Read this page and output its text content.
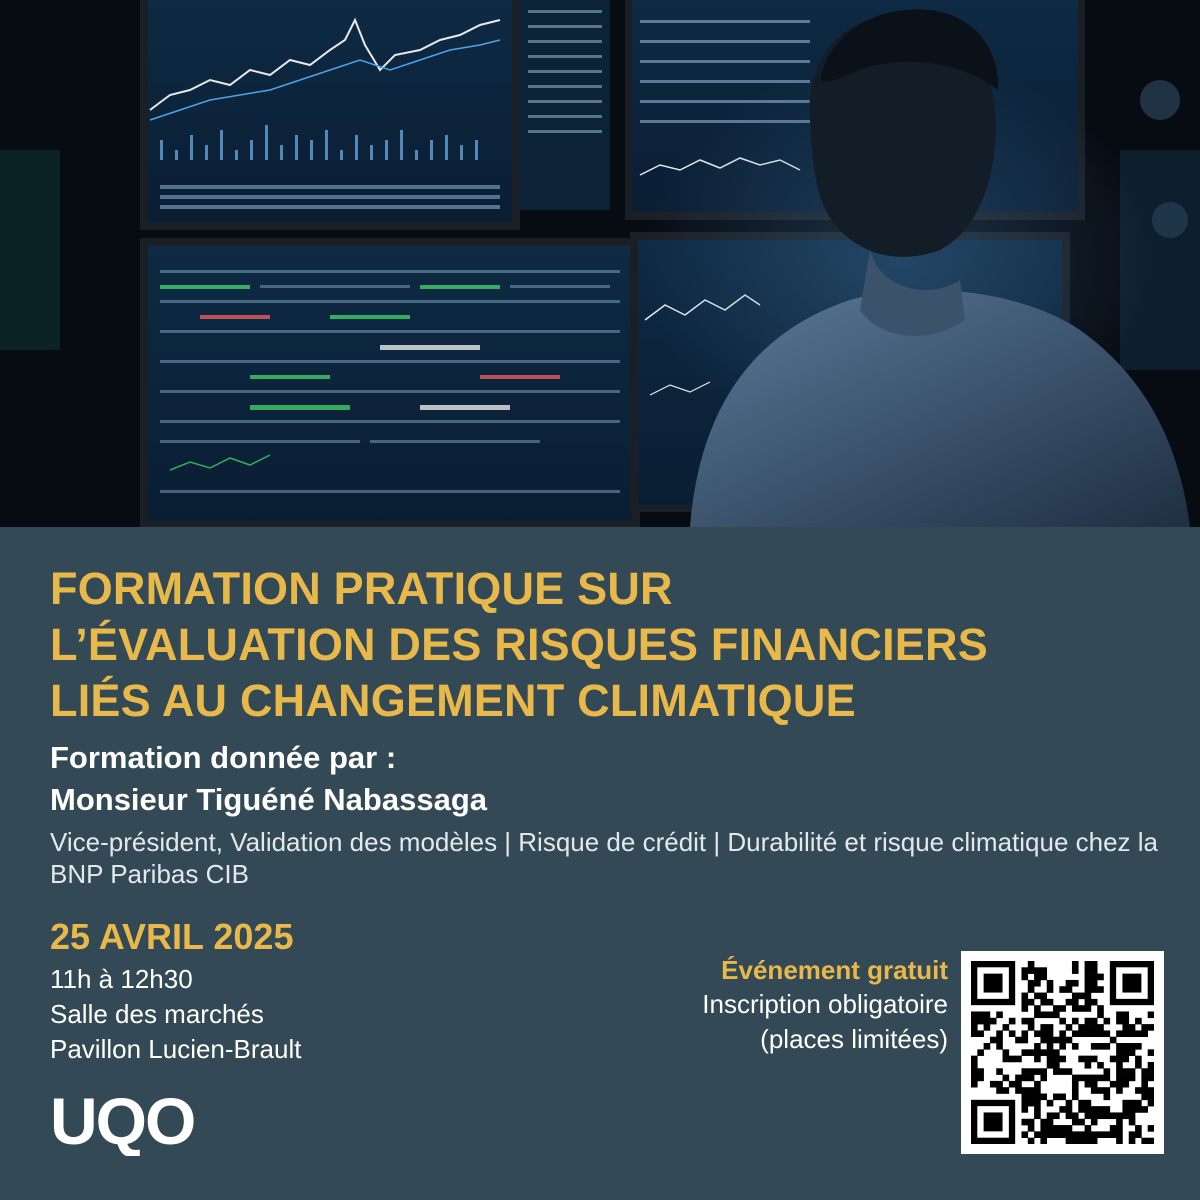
FORMATION PRATIQUE SUR
L’ÉVALUATION DES RISQUES FINANCIERS
LIÉS AU CHANGEMENT CLIMATIQUE
Formation donnée par :
Monsieur Tiguéné Nabassaga
Vice-président, Validation des modèles | Risque de crédit | Durabilité et risque climatique chez la BNP Paribas CIB
25 AVRIL 2025
11h à 12h30
Salle des marchés
Pavillon Lucien-Brault
Événement gratuit
Inscription obligatoire
(places limitées)
UQO
